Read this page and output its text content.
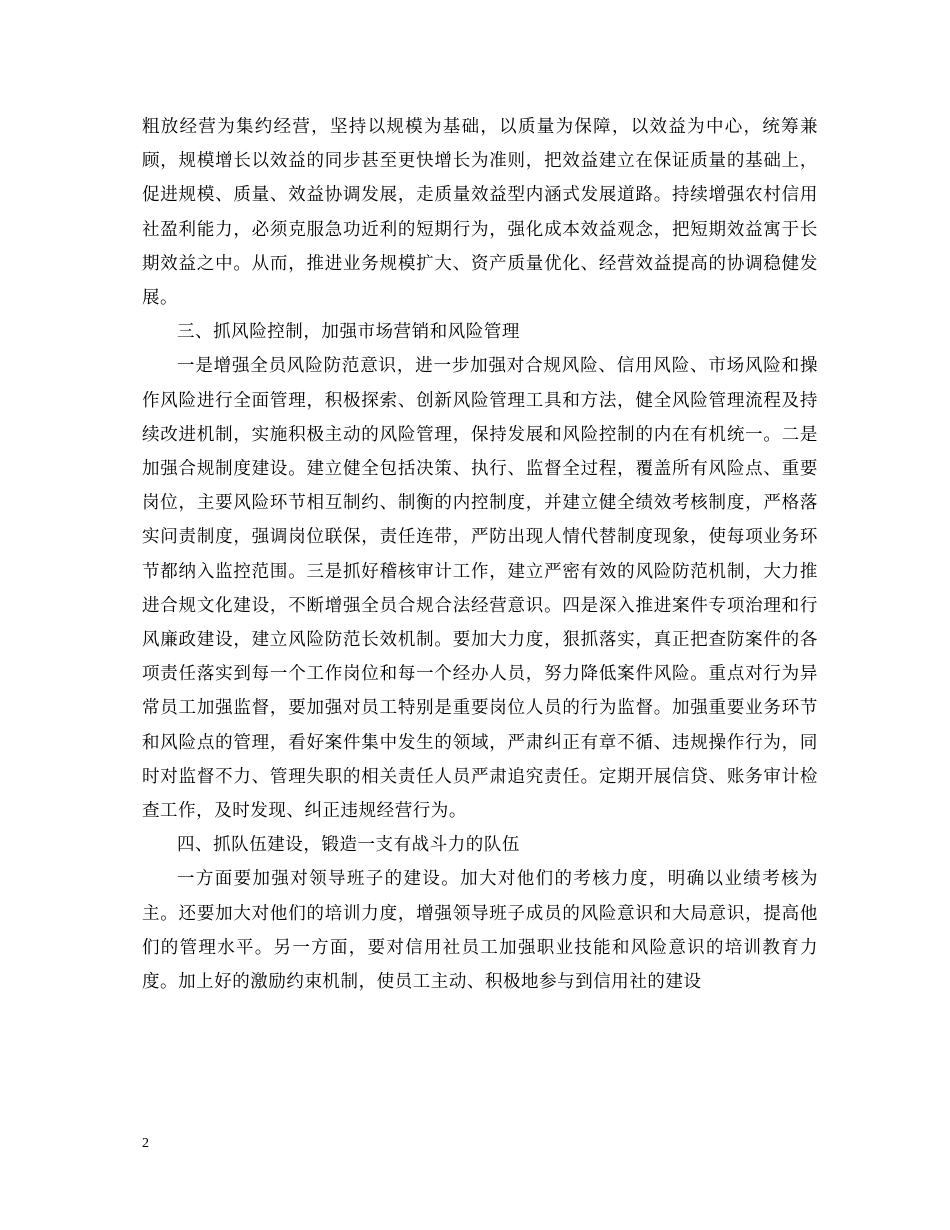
粗放经营为集约经营，坚持以规模为基础，以质量为保障，以效益为中心，统筹兼顾，规模增长以效益的同步甚至更快增长为准则，把效益建立在保证质量的基础上，促进规模、质量、效益协调发展，走质量效益型内涵式发展道路。持续增强农村信用社盈利能力，必须克服急功近利的短期行为，强化成本效益观念，把短期效益寓于长期效益之中。从而，推进业务规模扩大、资产质量优化、经营效益提高的协调稳健发展。

三、抓风险控制，加强市场营销和风险管理

一是增强全员风险防范意识，进一步加强对合规风险、信用风险、市场风险和操作风险进行全面管理，积极探索、创新风险管理工具和方法，健全风险管理流程及持续改进机制，实施积极主动的风险管理，保持发展和风险控制的内在有机统一。二是加强合规制度建设。建立健全包括决策、执行、监督全过程，覆盖所有风险点、重要岗位，主要风险环节相互制约、制衡的内控制度，并建立健全绩效考核制度，严格落实问责制度，强调岗位联保，责任连带，严防出现人情代替制度现象，使每项业务环节都纳入监控范围。三是抓好稽核审计工作，建立严密有效的风险防范机制，大力推进合规文化建设，不断增强全员合规合法经营意识。四是深入推进案件专项治理和行风廉政建设，建立风险防范长效机制。要加大力度，狠抓落实，真正把查防案件的各项责任落实到每一个工作岗位和每一个经办人员，努力降低案件风险。重点对行为异常员工加强监督，要加强对员工特别是重要岗位人员的行为监督。加强重要业务环节和风险点的管理，看好案件集中发生的领域，严肃纠正有章不循、违规操作行为，同时对监督不力、管理失职的相关责任人员严肃追究责任。定期开展信贷、账务审计检查工作，及时发现、纠正违规经营行为。

四、抓队伍建设，锻造一支有战斗力的队伍

一方面要加强对领导班子的建设。加大对他们的考核力度，明确以业绩考核为主。还要加大对他们的培训力度，增强领导班子成员的风险意识和大局意识，提高他们的管理水平。另一方面，要对信用社员工加强职业技能和风险意识的培训教育力度。加上好的激励约束机制，使员工主动、积极地参与到信用社的建设

2
